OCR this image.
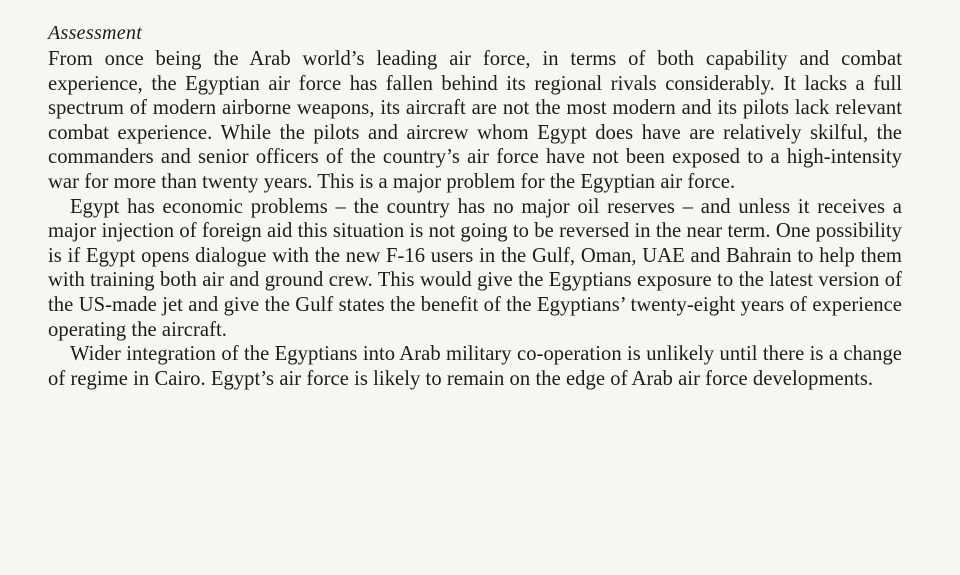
Assessment

From once being the Arab world’s leading air force, in terms of both capability and combat experience, the Egyptian air force has fallen behind its regional rivals considerably. It lacks a full spectrum of modern airborne weapons, its aircraft are not the most modern and its pilots lack relevant combat experience. While the pilots and aircrew whom Egypt does have are relatively skilful, the commanders and senior officers of the country’s air force have not been exposed to a high-intensity war for more than twenty years. This is a major problem for the Egyptian air force.

Egypt has economic problems – the country has no major oil reserves – and unless it receives a major injection of foreign aid this situation is not going to be reversed in the near term. One possibility is if Egypt opens dialogue with the new F-16 users in the Gulf, Oman, UAE and Bahrain to help them with training both air and ground crew. This would give the Egyptians exposure to the latest version of the US-made jet and give the Gulf states the benefit of the Egyptians’ twenty-eight years of experience operating the aircraft.

Wider integration of the Egyptians into Arab military co-operation is unlikely until there is a change of regime in Cairo. Egypt’s air force is likely to remain on the edge of Arab air force developments.
